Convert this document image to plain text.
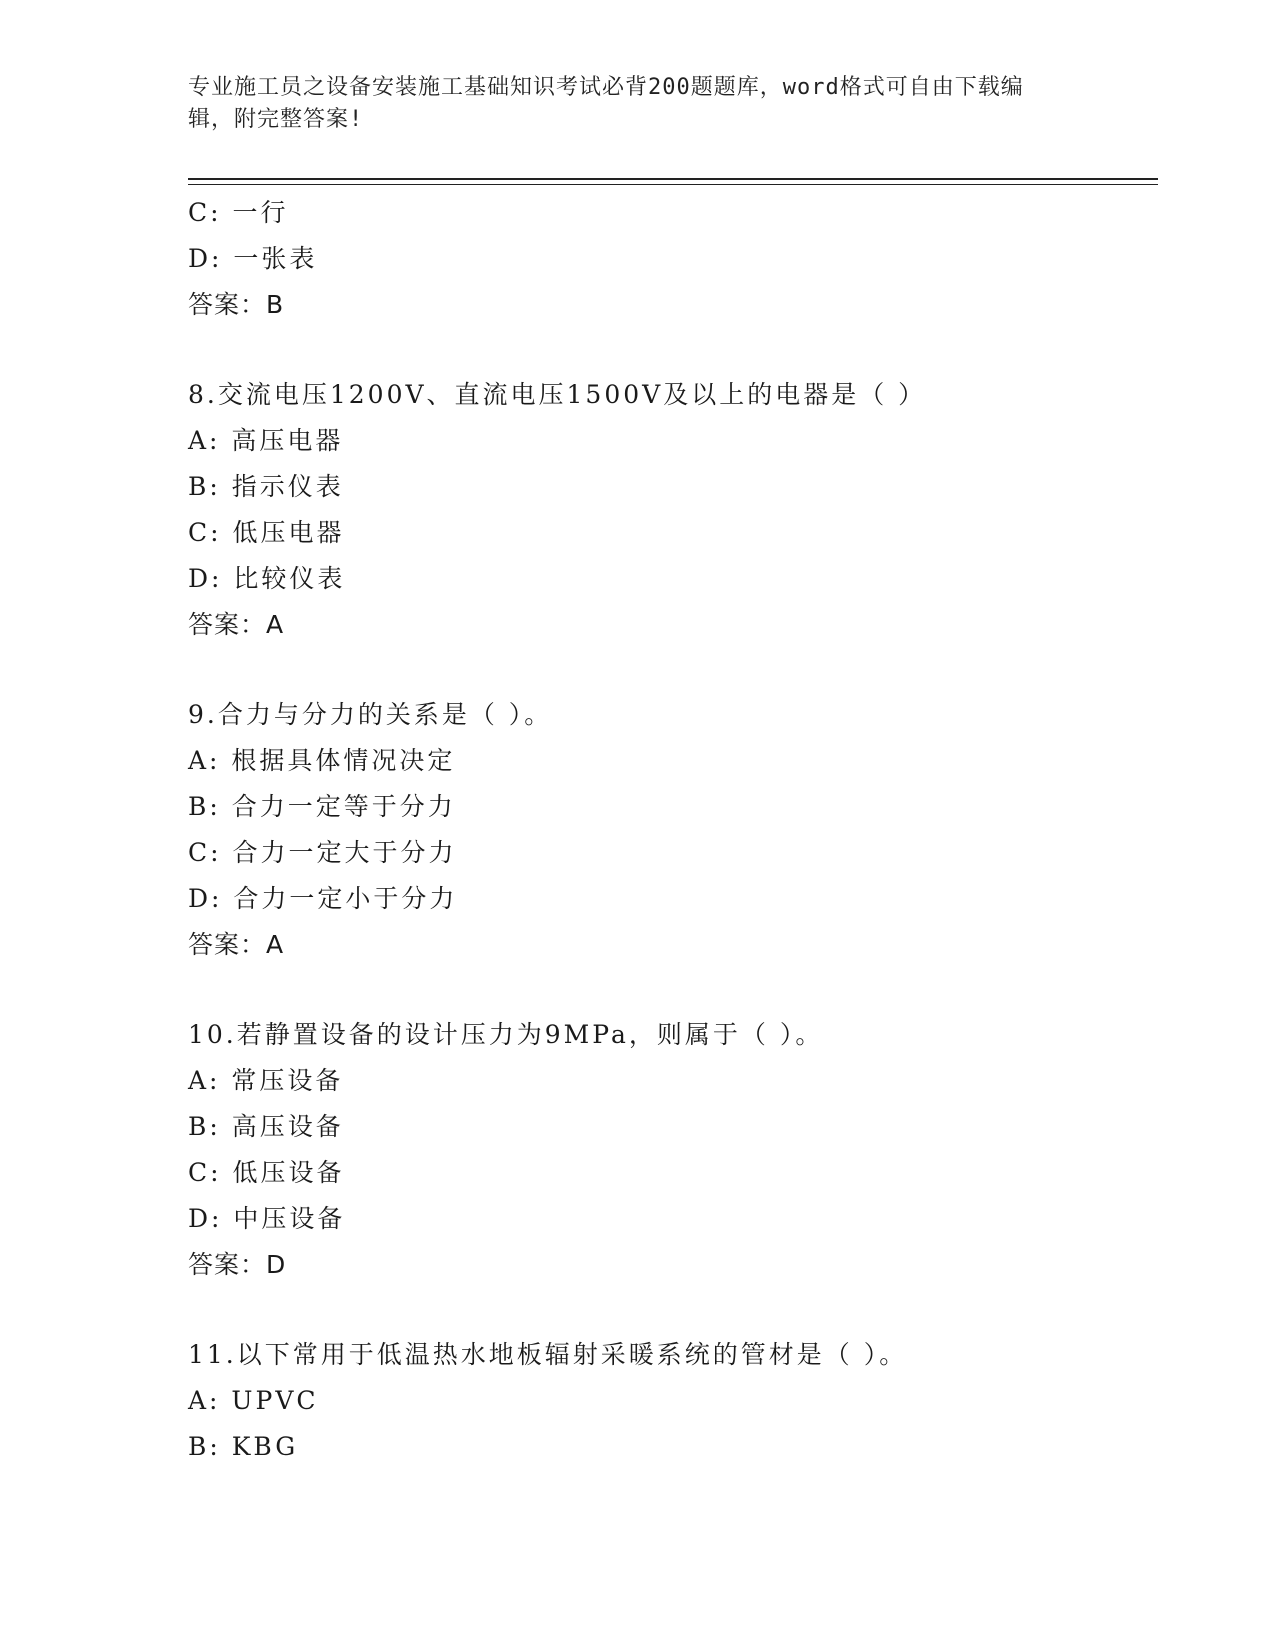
专业施工员之设备安装施工基础知识考试必背200题题库，word格式可自由下载编辑，附完整答案!
C: 一行
D: 一张表
答案：B
8.交流电压1200V、直流电压1500V及以上的电器是（ ）
A: 高压电器
B: 指示仪表
C: 低压电器
D: 比较仪表
答案：A
9.合力与分力的关系是（ ）。
A: 根据具体情况决定
B: 合力一定等于分力
C: 合力一定大于分力
D: 合力一定小于分力
答案：A
10.若静置设备的设计压力为9MPa，则属于（ ）。
A: 常压设备
B: 高压设备
C: 低压设备
D: 中压设备
答案：D
11.以下常用于低温热水地板辐射采暖系统的管材是（ ）。
A: UPVC
B: KBG
